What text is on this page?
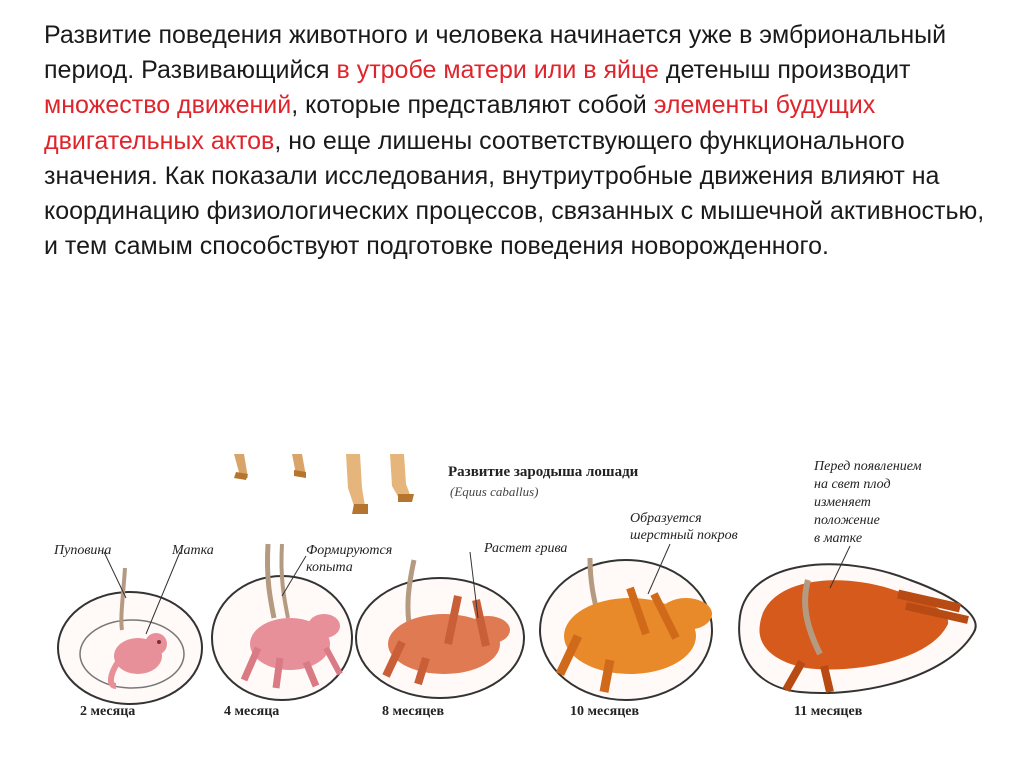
Развитие поведения животного и человека начинается уже в эмбриональный период. Развивающийся в утробе матери или в яйце детеныш производит множество движений, которые представляют собой элементы будущих двигательных актов, но еще лишены соответствующего функционального значения. Как показали исследования, внутриутробные движения влияют на координацию физиологических процессов, связанных с мышечной активностью, и тем самым способствуют подготовке поведения новорожденного.

Развитие зародыша лошади
(Equus caballus)
Пуповина	Матка	Формируются
копыта
Растет грива
Образуется
шерстный покров
Перед появлением
на свет плод
изменяет
положение
в матке
2 месяца	4 месяца	8 месяцев	10 месяцев	11 месяцев
